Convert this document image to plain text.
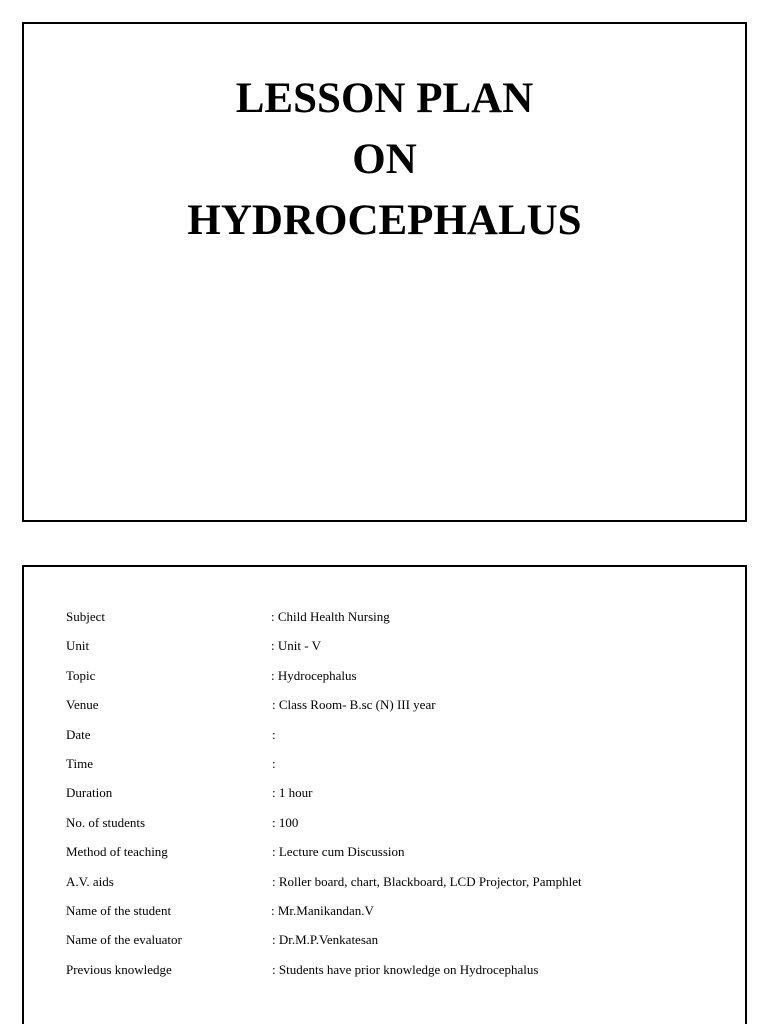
LESSON PLAN
ON
HYDROCEPHALUS
Subject	: Child Health Nursing
Unit	: Unit - V
Topic	: Hydrocephalus
Venue	: Class Room- B.sc (N) III year
Date	:
Time	:
Duration	: 1 hour
No. of students	: 100
Method of teaching	: Lecture cum Discussion
A.V. aids	: Roller board, chart, Blackboard, LCD Projector, Pamphlet
Name of the student	: Mr.Manikandan.V
Name of the evaluator	: Dr.M.P.Venkatesan
Previous knowledge	: Students have prior knowledge on Hydrocephalus
